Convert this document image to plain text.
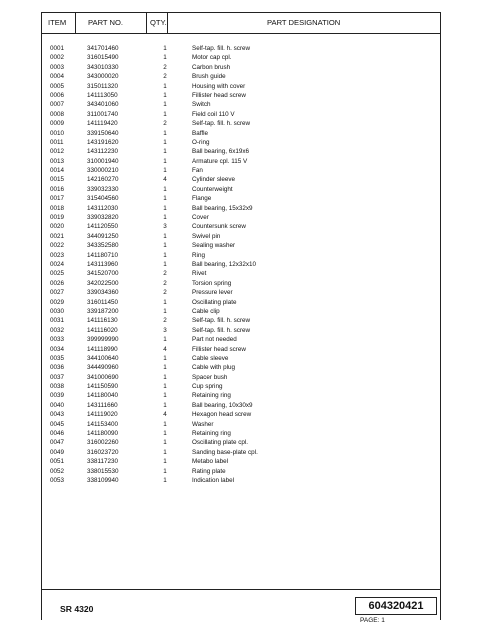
ITEM	PART NO.	QTY.	PART DESIGNATION
0001	341701460	1	Self-tap. fill. h. screw
0002	316015490	1	Motor cap cpl.
0003	343010330	2	Carbon brush
0004	343000020	2	Brush guide
0005	315011320	1	Housing with cover
0006	141113050	1	Fillister head screw
0007	343401060	1	Switch
0008	311001740	1	Field coil 110 V
0009	141119420	2	Self-tap. fill. h. screw
0010	339150640	1	Baffle
0011	143191620	1	O-ring
0012	143112230	1	Ball bearing, 6x19x6
0013	310001940	1	Armature cpl. 115 V
0014	330000210	1	Fan
0015	142160270	4	Cylinder sleeve
0016	339032330	1	Counterweight
0017	315404560	1	Flange
0018	143112030	1	Ball bearing, 15x32x9
0019	339032820	1	Cover
0020	141120550	3	Countersunk screw
0021	344091250	1	Swivel pin
0022	343352580	1	Sealing washer
0023	141180710	1	Ring
0024	143113960	1	Ball bearing, 12x32x10
0025	341520700	2	Rivet
0026	342022500	2	Torsion spring
0027	339034360	2	Pressure lever
0029	316011450	1	Oscillating plate
0030	339187200	1	Cable clip
0031	141116130	2	Self-tap. fill. h. screw
0032	141116020	3	Self-tap. fill. h. screw
0033	399999990	1	Part not needed
0034	141118990	4	Fillister head screw
0035	344100640	1	Cable sleeve
0036	344490960	1	Cable with plug
0037	341000690	1	Spacer bush
0038	141150590	1	Cup spring
0039	141180040	1	Retaining ring
0040	143111660	1	Ball bearing, 10x30x9
0043	141119020	4	Hexagon head screw
0045	141153400	1	Washer
0046	141180090	1	Retaining ring
0047	316002260	1	Oscillating plate cpl.
0049	316023720	1	Sanding base-plate cpl.
0051	338117230	1	Metabo label
0052	338015530	1	Rating plate
0053	338109940	1	Indication label
SR 4320	604320421
PAGE: 1
